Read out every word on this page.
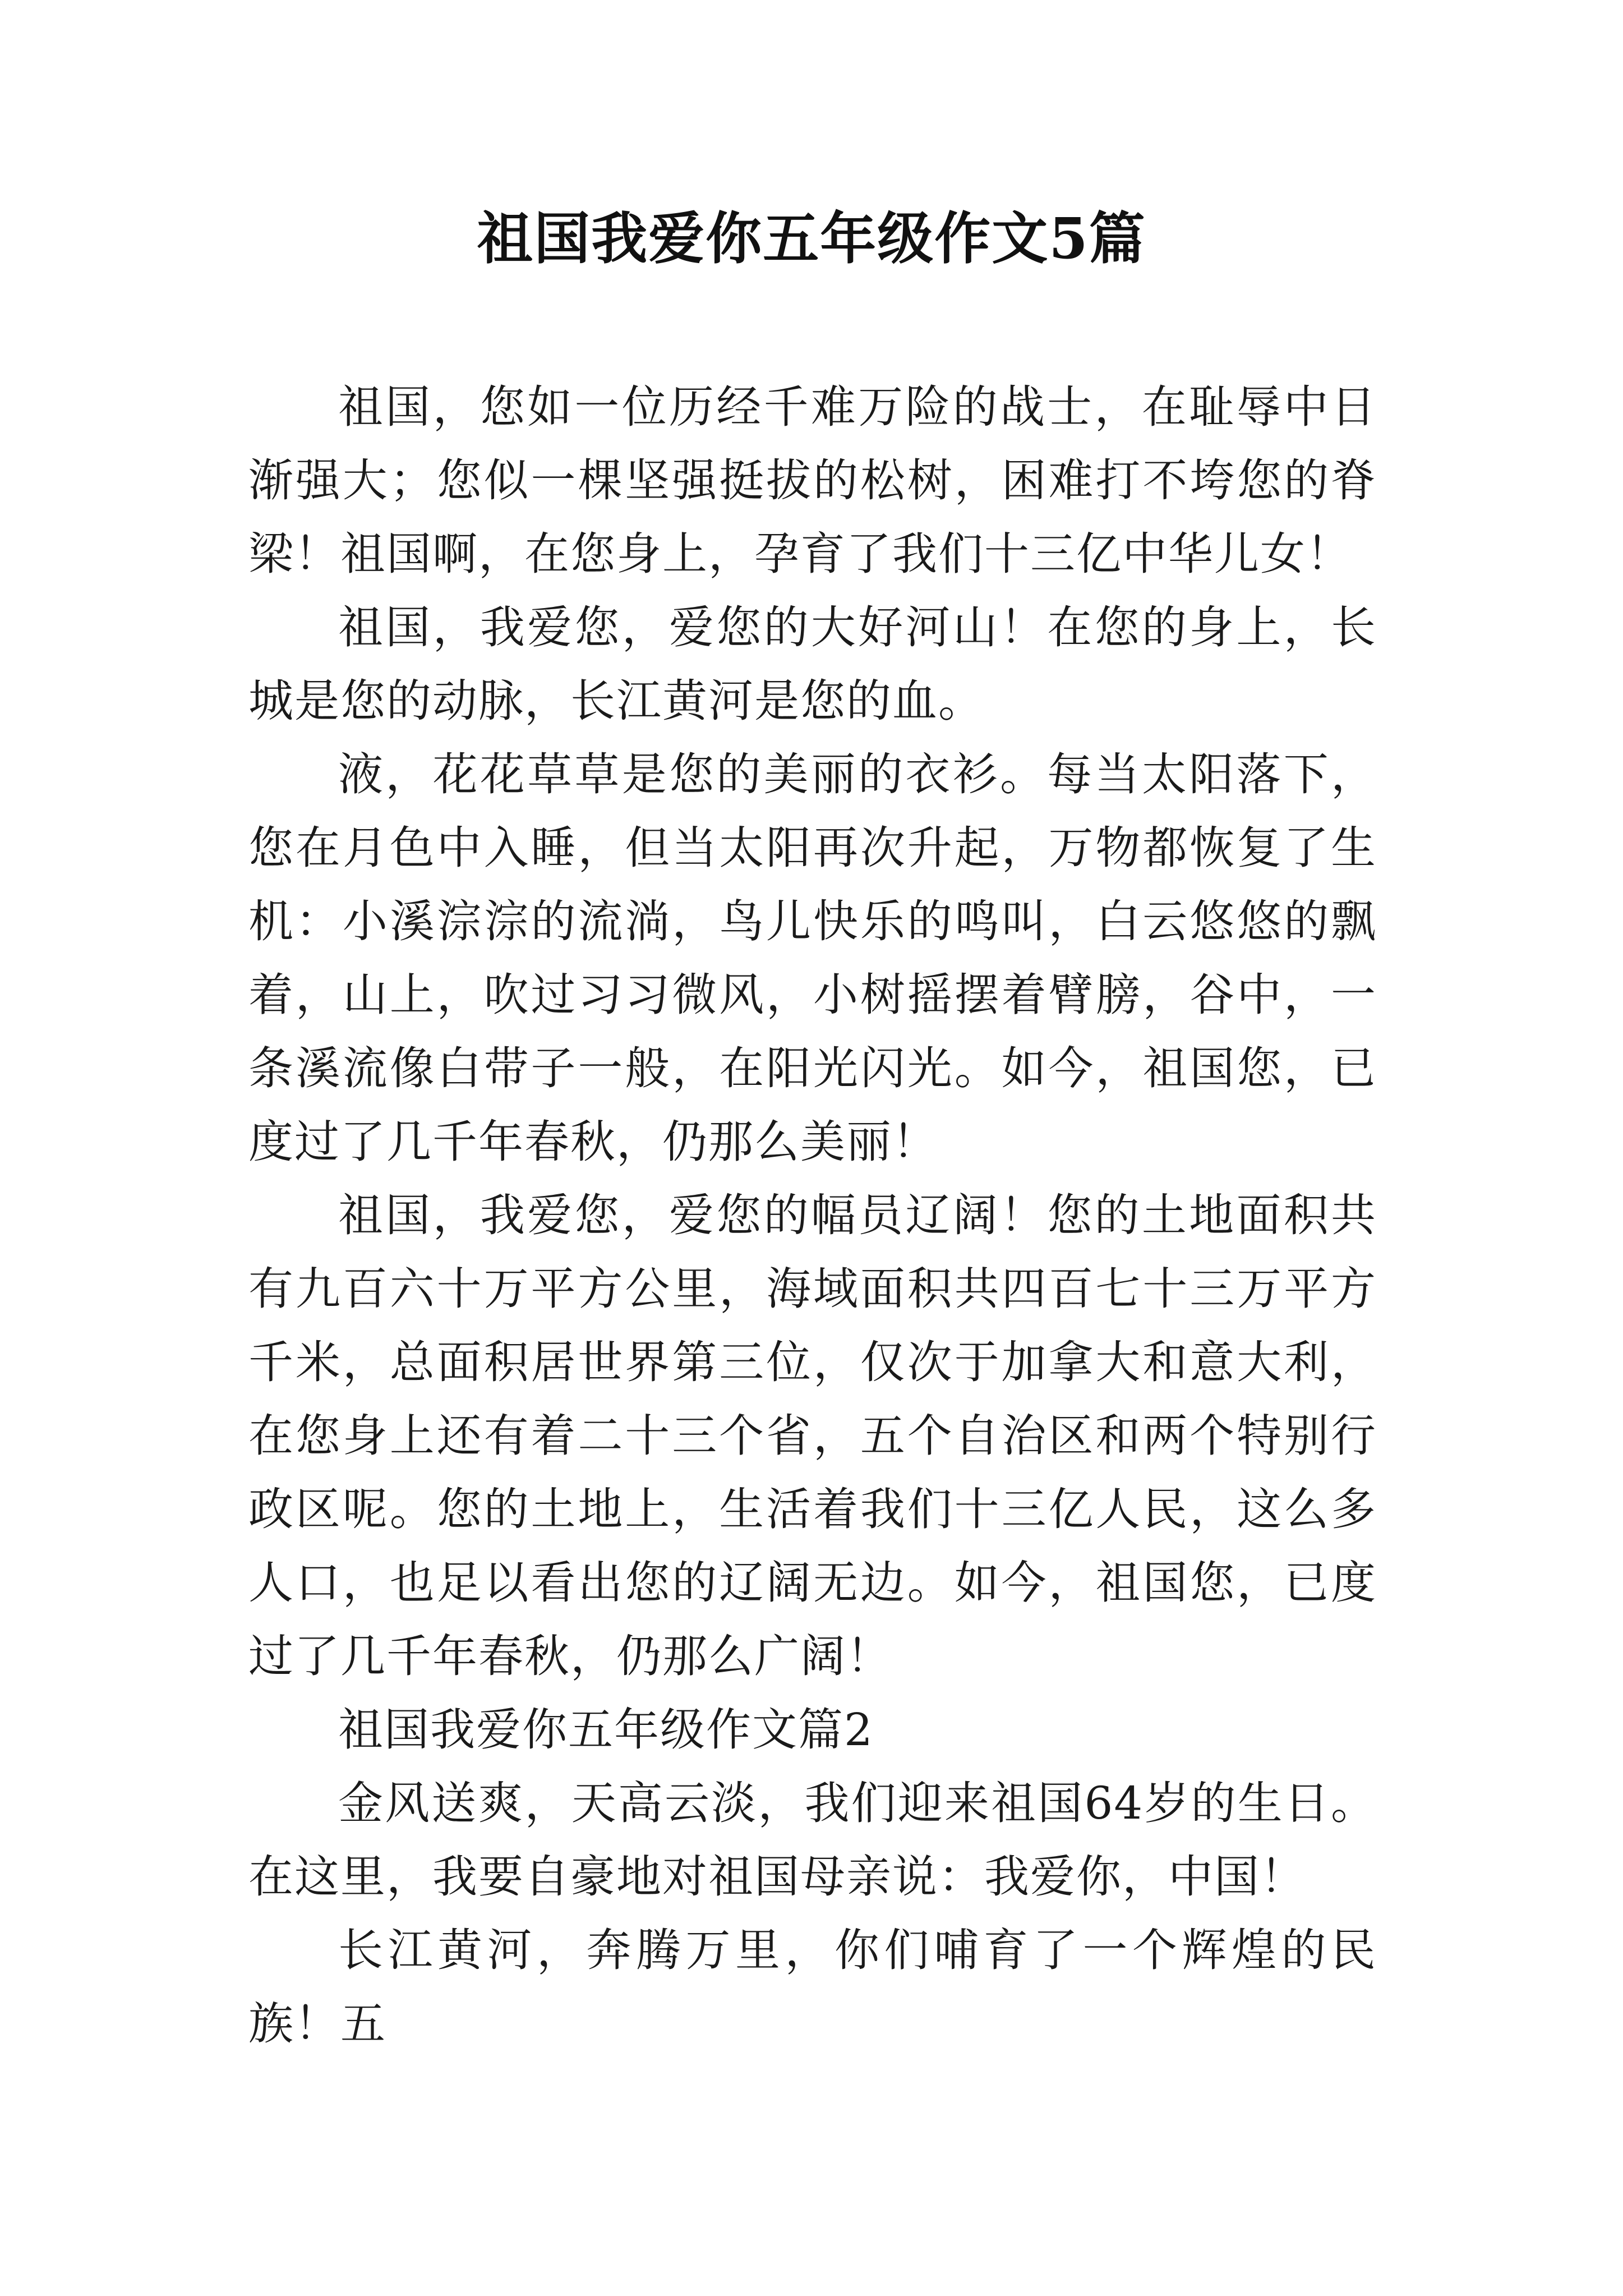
祖国我爱你五年级作文5篇

祖国，您如一位历经千难万险的战士，在耻辱中日渐强大；您似一棵坚强挺拔的松树，困难打不垮您的脊梁！祖国啊，在您身上，孕育了我们十三亿中华儿女！

祖国，我爱您，爱您的大好河山！在您的身上，长城是您的动脉，长江黄河是您的血。

液，花花草草是您的美丽的衣衫。每当太阳落下，您在月色中入睡，但当太阳再次升起，万物都恢复了生机：小溪淙淙的流淌，鸟儿快乐的鸣叫，白云悠悠的飘着，山上，吹过习习微风，小树摇摆着臂膀，谷中，一条溪流像白带子一般，在阳光闪光。如今，祖国您，已度过了几千年春秋，仍那么美丽！

祖国，我爱您，爱您的幅员辽阔！您的土地面积共有九百六十万平方公里，海域面积共四百七十三万平方千米，总面积居世界第三位，仅次于加拿大和意大利，在您身上还有着二十三个省，五个自治区和两个特别行政区呢。您的土地上，生活着我们十三亿人民，这么多人口，也足以看出您的辽阔无边。如今，祖国您，已度过了几千年春秋，仍那么广阔！

祖国我爱你五年级作文篇2

金风送爽，天高云淡，我们迎来祖国64岁的生日。在这里，我要自豪地对祖国母亲说：我爱你，中国！

长江黄河，奔腾万里，你们哺育了一个辉煌的民族！五
